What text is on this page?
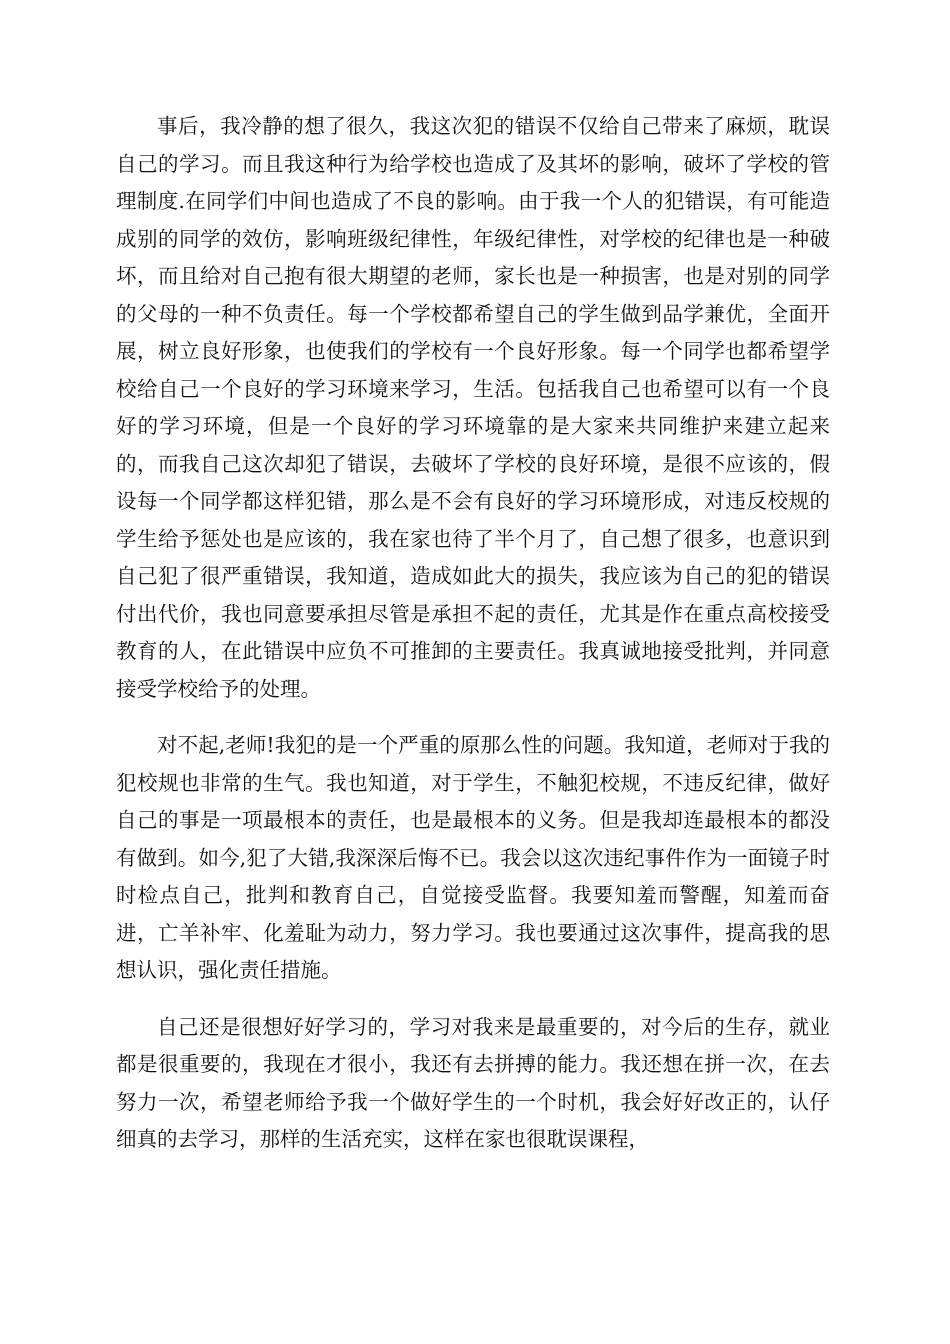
事后，我冷静的想了很久，我这次犯的错误不仅给自己带来了麻烦，耽误自己的学习。而且我这种行为给学校也造成了及其坏的影响，破坏了学校的管理制度.在同学们中间也造成了不良的影响。由于我一个人的犯错误，有可能造成别的同学的效仿，影响班级纪律性，年级纪律性，对学校的纪律也是一种破坏，而且给对自己抱有很大期望的老师，家长也是一种损害，也是对别的同学的父母的一种不负责任。每一个学校都希望自己的学生做到品学兼优，全面开展，树立良好形象，也使我们的学校有一个良好形象。每一个同学也都希望学校给自己一个良好的学习环境来学习，生活。包括我自己也希望可以有一个良好的学习环境，但是一个良好的学习环境靠的是大家来共同维护来建立起来的，而我自己这次却犯了错误，去破坏了学校的良好环境，是很不应该的，假设每一个同学都这样犯错，那么是不会有良好的学习环境形成，对违反校规的学生给予惩处也是应该的，我在家也待了半个月了，自己想了很多，也意识到自己犯了很严重错误，我知道，造成如此大的损失，我应该为自己的犯的错误付出代价，我也同意要承担尽管是承担不起的责任，尤其是作在重点高校接受教育的人，在此错误中应负不可推卸的主要责任。我真诚地接受批判，并同意接受学校给予的处理。

对不起,老师!我犯的是一个严重的原那么性的问题。我知道，老师对于我的犯校规也非常的生气。我也知道，对于学生，不触犯校规，不违反纪律，做好自己的事是一项最根本的责任，也是最根本的义务。但是我却连最根本的都没有做到。如今,犯了大错,我深深后悔不已。我会以这次违纪事件作为一面镜子时时检点自己，批判和教育自己，自觉接受监督。我要知羞而警醒，知羞而奋进，亡羊补牢、化羞耻为动力，努力学习。我也要通过这次事件，提高我的思想认识，强化责任措施。

自己还是很想好好学习的，学习对我来是最重要的，对今后的生存，就业都是很重要的，我现在才很小，我还有去拼搏的能力。我还想在拼一次，在去努力一次，希望老师给予我一个做好学生的一个时机，我会好好改正的，认仔细真的去学习，那样的生活充实，这样在家也很耽误课程，
